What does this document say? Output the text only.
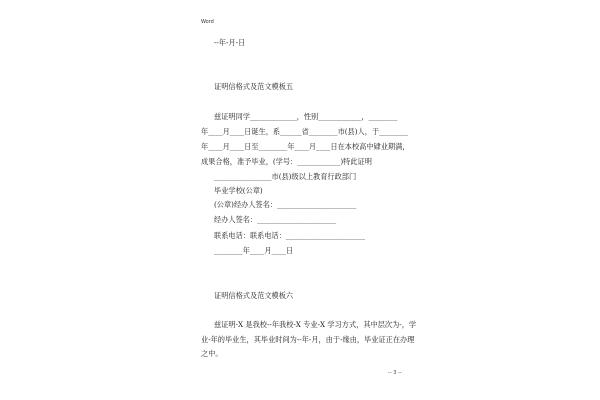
Word
--年-月-日
证明信格式及范文模板五
兹证明同学_____________，性别____________，________
年____月____日诞生，系______省________市(县)人，于________
年____月____日至________年____月____日在本校高中肄业期满，
成果合格，准予毕业，(学号：____________)特此证明
________________市(县)级以上教育行政部门
毕业学校(公章)
(公章)经办人签名：______________________
经办人签名：______________________
联系电话：联系电话：______________________
________年____月____日
证明信格式及范文模板六
兹证明-X 是我校--年我校-X 专业-X 学习方式，其中层次为-，学
业-年的毕业生，其毕业时间为--年-月，由于-缘由，毕业证正在办理
之中。
-- 3 --
